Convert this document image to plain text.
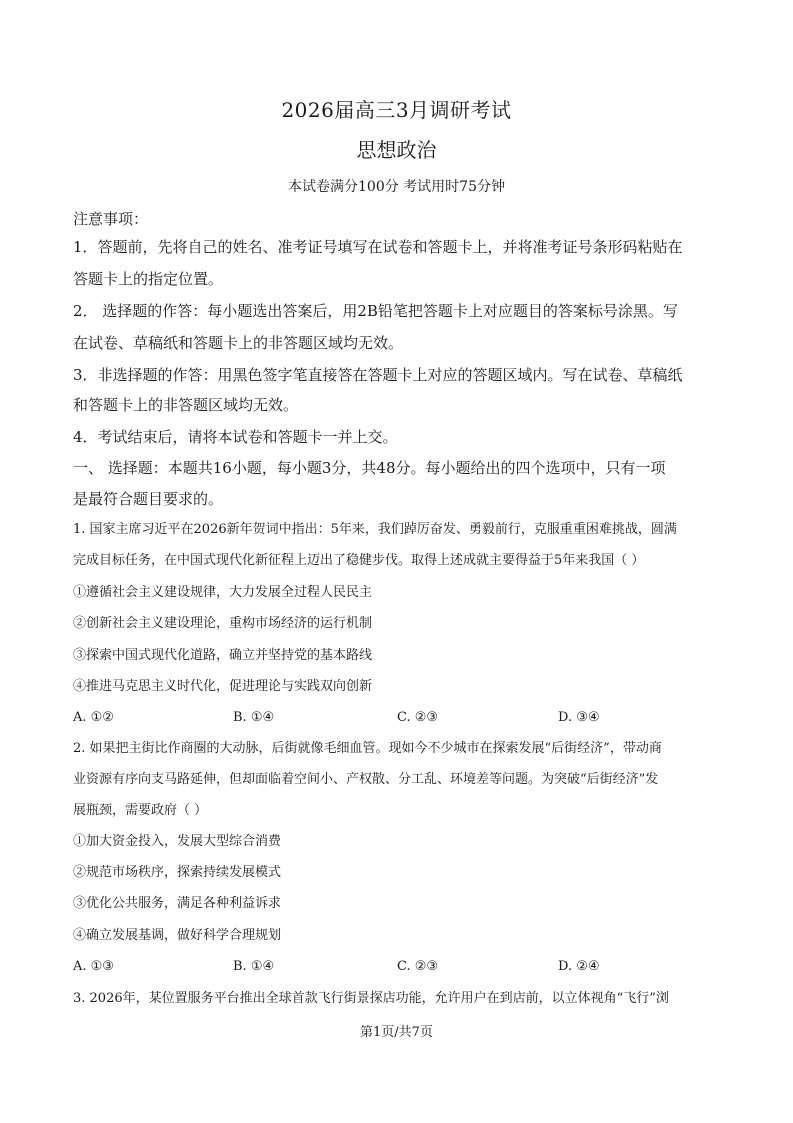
2026届高三3月调研考试
思想政治
本试卷满分100分 考试用时75分钟
注意事项：
1．答题前，先将自己的姓名、准考证号填写在试卷和答题卡上，并将准考证号条形码粘贴在
答题卡上的指定位置。
2． 选择题的作答：每小题选出答案后，用2B铅笔把答题卡上对应题目的答案标号涂黑。写
在试卷、草稿纸和答题卡上的非答题区域均无效。
3．非选择题的作答：用黑色签字笔直接答在答题卡上对应的答题区域内。写在试卷、草稿纸
和答题卡上的非答题区域均无效。
4．考试结束后，请将本试卷和答题卡一并上交。
一、 选择题：本题共16小题，每小题3分，共48分。每小题给出的四个选项中，只有一项
是最符合题目要求的。
1. 国家主席习近平在2026新年贺词中指出：5年来，我们踔厉奋发、勇毅前行，克服重重困难挑战，圆满
完成目标任务，在中国式现代化新征程上迈出了稳健步伐。取得上述成就主要得益于5年来我国（ ）
①遵循社会主义建设规律，大力发展全过程人民民主
②创新社会主义建设理论，重构市场经济的运行机制
③探索中国式现代化道路，确立并坚持党的基本路线
④推进马克思主义时代化，促进理论与实践双向创新
A. ①②	B. ①④	C. ②③	D. ③④
2. 如果把主街比作商圈的大动脉，后街就像毛细血管。现如今不少城市在探索发展“后街经济”，带动商
业资源有序向支马路延伸，但却面临着空间小、产权散、分工乱、环境差等问题。为突破“后街经济”发
展瓶颈，需要政府（ ）
①加大资金投入，发展大型综合消费
②规范市场秩序，探索持续发展模式
③优化公共服务，满足各种利益诉求
④确立发展基调，做好科学合理规划
A. ①③	B. ①④	C. ②③	D. ②④
3. 2026年，某位置服务平台推出全球首款飞行街景探店功能，允许用户在到店前，以立体视角“飞行”浏
第1页/共7页
